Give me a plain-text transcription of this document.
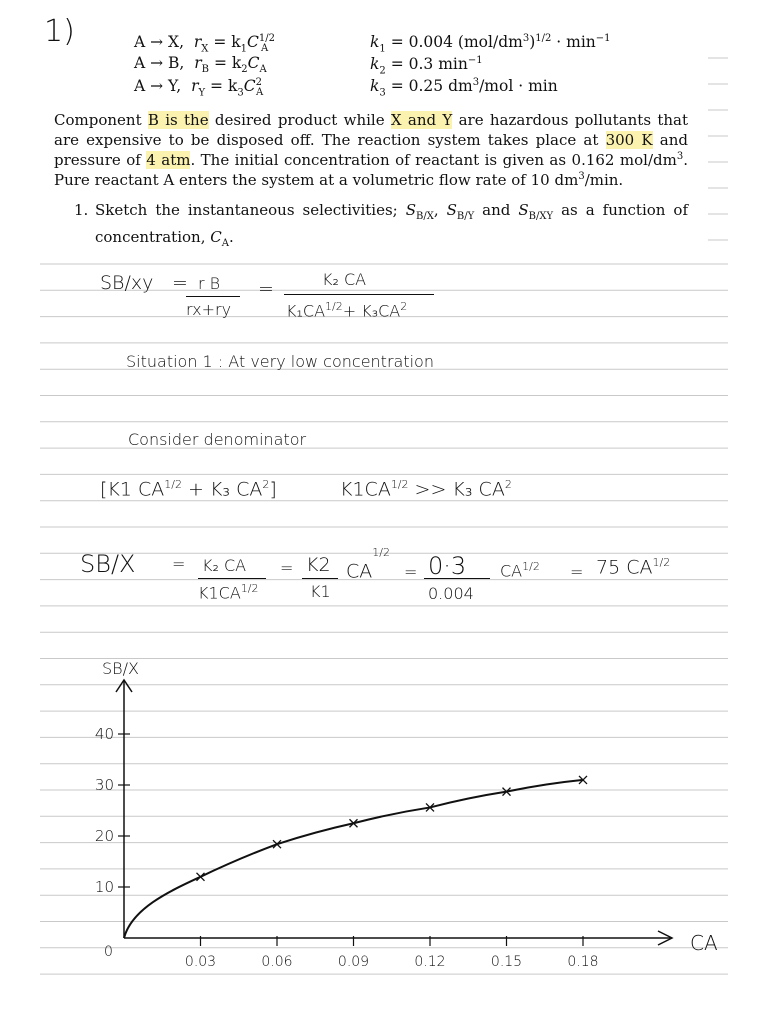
1)	A → X, $r_X = k_1C^{1/2}_A$	$k_1 = 0.004$ $(mol/dm^3)^{1/2} \cdot \min^{-1}$
A → B, $r_B = k_2C_A$	$k_2 = 0.3$ $\min^{-1}$
A → Y, $r_Y = k_3C^2_A$	$k_3 = 0.25$ $dm^3$/mol · min
Component B is the desired product while X and Y are hazardous pollutants that are expensive to be disposed off. The reaction system takes place at 300 K and pressure of 4 atm. The initial concentration of reactant is given as 0.162 mol/$dm^3$. Pure reactant A enters the system at a volumetric flow rate of 10 $dm^3/\min$.
1. Sketch the instantaneous selectivities; $S_{B/X}$, $S_{B/Y}$ and $S_{B/XY}$ as a function of concentration, $C_A$.
SB/xy = r B
rx+ry
=	K₂ CA
$K_1CA^{1/2}+ K_3CA^2$
Situation 1 : At very low concentration
Consider denominator
[K1 $CA^{1/2} + K_3$ $CA^2$]	$K1CA^{1/2} >> K_3$ $CA^2$
SB/X = K₂ CA
$K1CA^{1/2}$
= K2
K1
$CA^{1/2}$
= 0·3
0.004
$CA^{1/2} = 75$ $CA^{1/2}$
0.03	0.06	0.09	0.12	0.15	0.18
10
20
30
40
0	CA
SB/X
